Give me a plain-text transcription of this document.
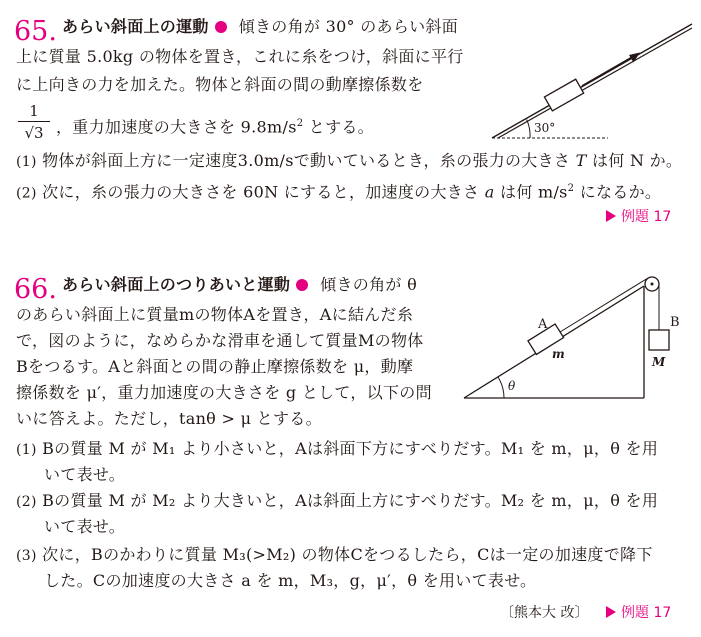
65. あらい斜面上の運動 傾きの角が 30° のあらい斜面
上に質量 5.0kg の物体を置き，これに糸をつけ，斜面に平行
に上向きの力を加えた。物体と斜面の間の動摩擦係数を
1
√3 ，重力加速度の大きさを $9.8m/s^2$ とする。	30°
(1) 物体が斜面上方に一定速度3.0m/sで動いているとき，糸の張力の大きさ T は何 N か。
(2) 次に，糸の張力の大きさを 60N にすると，加速度の大きさ a は何 $m/s^2$ になるか。
例題 17
66. あらい斜面上のつりあいと運動 傾きの角が θ
のあらい斜面上に質量mの物体Aを置き，Aに結んだ糸
で，図のように，なめらかな滑車を通して質量Mの物体
Bをつるす。Aと斜面との間の静止摩擦係数を μ，動摩
擦係数を μ′，重力加速度の大きさを g として，以下の問
いに答えよ。ただし，tanθ > μ とする。
A
m
B
M
θ
(1) Bの質量 M が M₁ より小さいと，Aは斜面下方にすべりだす。M₁ を m，μ，θ を用
いて表せ。
(2) Bの質量 M が M₂ より大きいと，Aは斜面上方にすべりだす。M₂ を m，μ，θ を用
いて表せ。
(3) 次に，Bのかわりに質量 M₃(>M₂) の物体Cをつるしたら，Cは一定の加速度で降下
した。Cの加速度の大きさ a を m，M₃，g，μ′，θ を用いて表せ。
〔熊本大 改〕	例題 17
